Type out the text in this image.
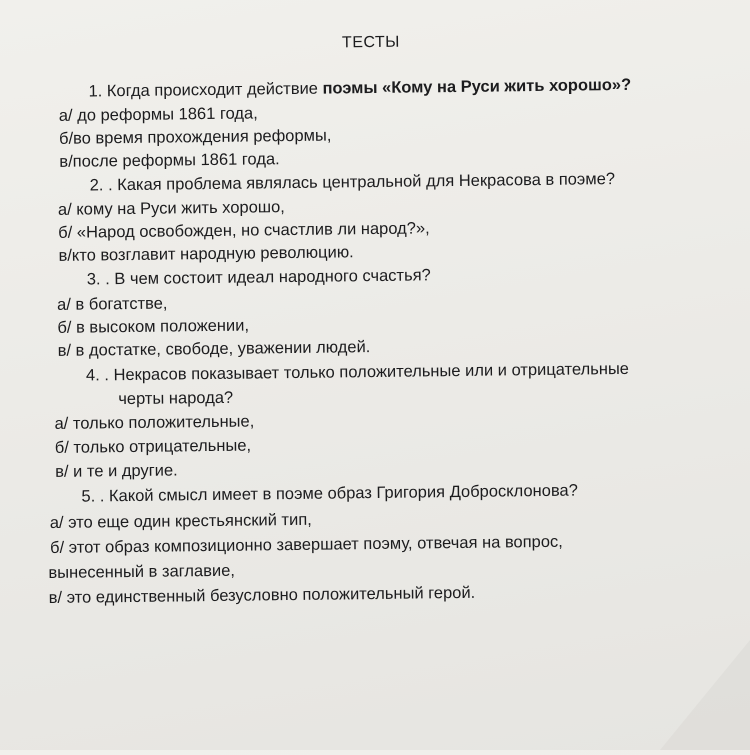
ТЕСТЫ
1. Когда происходит действие поэмы «Кому на Руси жить хорошо»?
а/ до реформы 1861 года,
б/во время прохождения реформы,
в/после реформы 1861 года.
2. . Какая проблема являлась центральной для Некрасова в поэме?
а/ кому на Руси жить хорошо,
б/ «Народ освобожден, но счастлив ли народ?»,
в/кто возглавит народную революцию.
3. . В чем состоит идеал народного счастья?
а/ в богатстве,
б/ в высоком положении,
в/ в достатке, свободе, уважении людей.
4. . Некрасов показывает только положительные или и отрицательные
черты народа?
а/ только положительные,
б/ только отрицательные,
в/ и те и другие.
5. . Какой смысл имеет в поэме образ Григория Добросклонова?
а/ это еще один крестьянский тип,
б/ этот образ композиционно завершает поэму, отвечая на вопрос,
вынесенный в заглавие,
в/ это единственный безусловно положительный герой.
